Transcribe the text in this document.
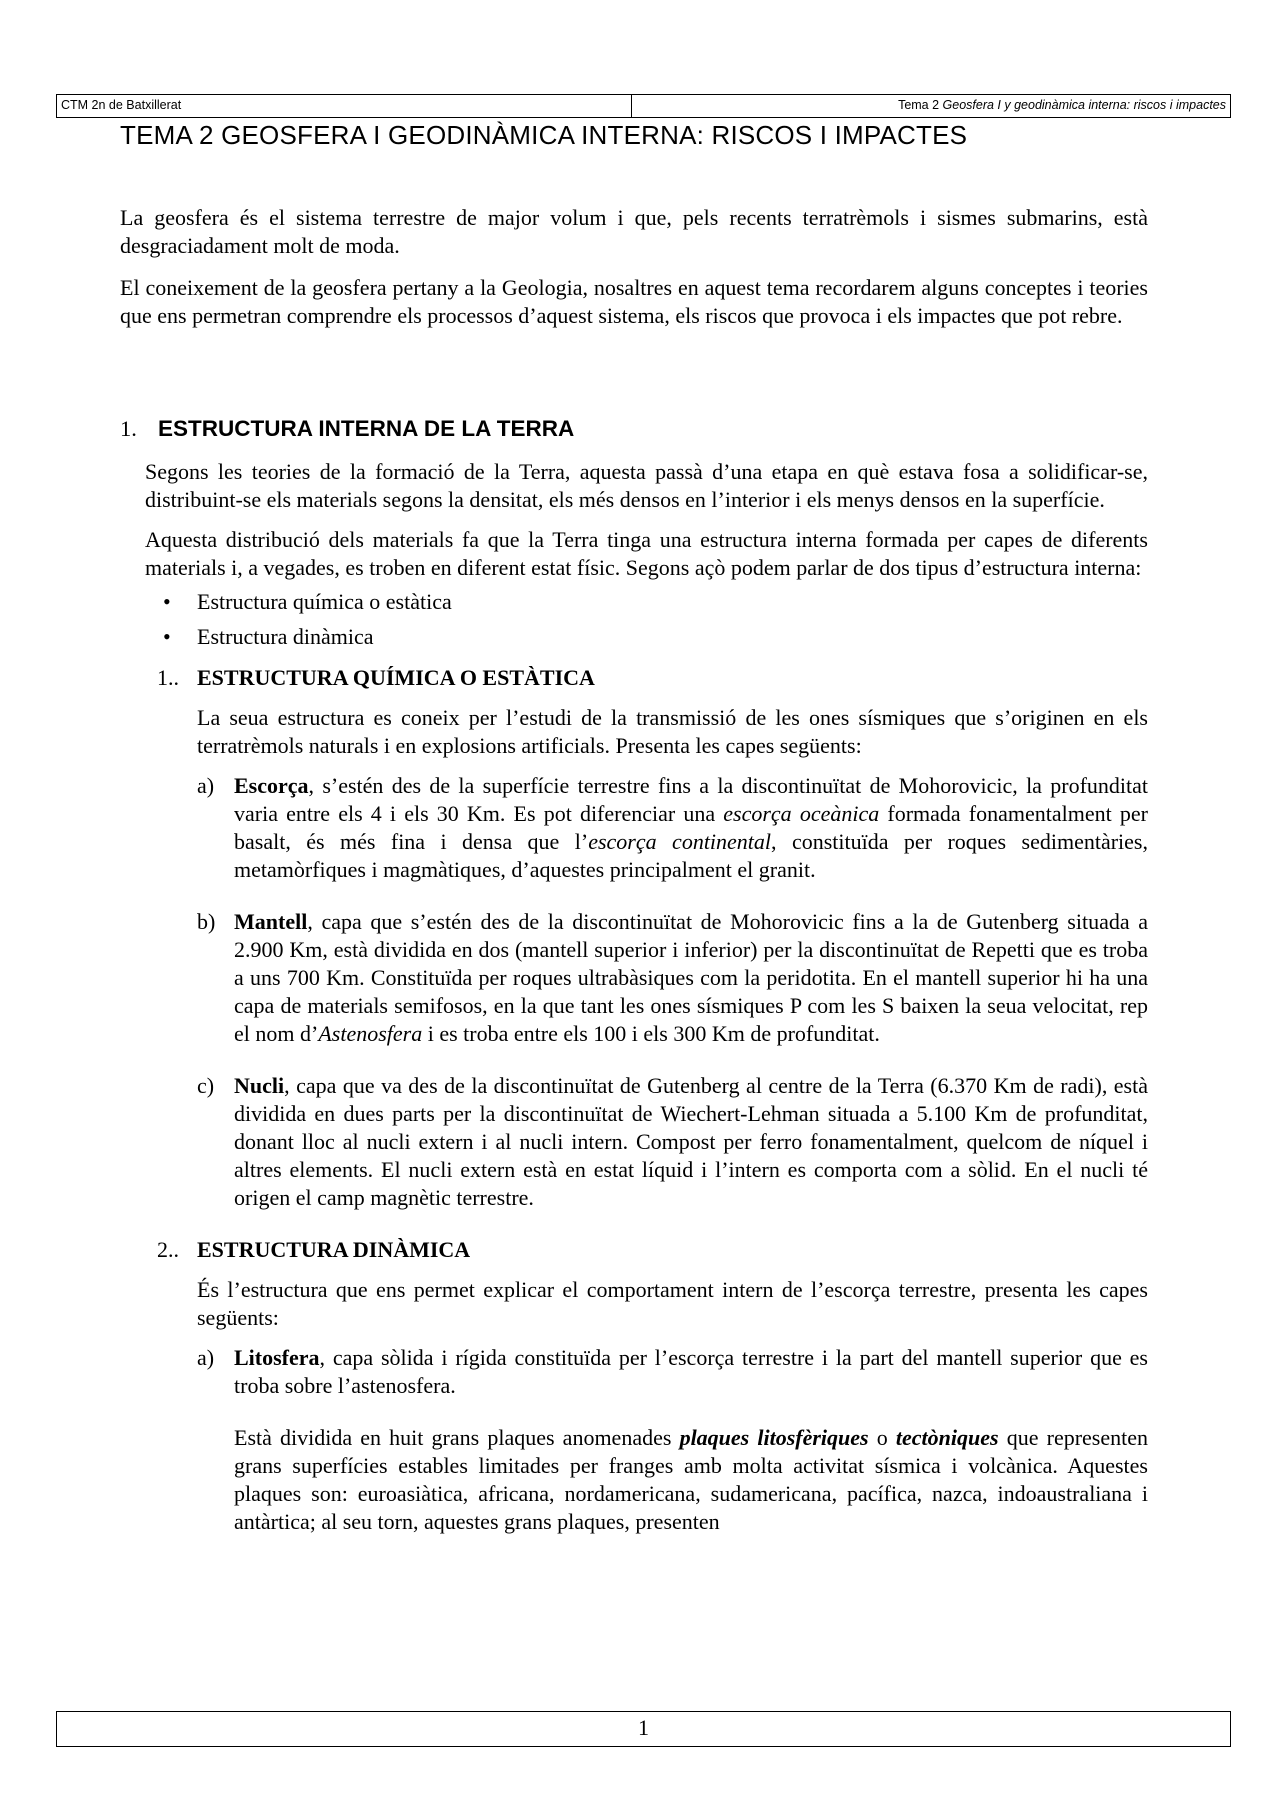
CTM 2n de Batxillerat	Tema 2 Geosfera I y geodinàmica interna: riscos i impactes
TEMA 2 GEOSFERA I GEODINÀMICA INTERNA: RISCOS I IMPACTES

La geosfera és el sistema terrestre de major volum i que, pels recents terratrèmols i sismes submarins, està desgraciadament molt de moda.

El coneixement de la geosfera pertany a la Geologia, nosaltres en aquest tema recordarem alguns conceptes i teories que ens permetran comprendre els processos d’aquest sistema, els riscos que provoca i els impactes que pot rebre.

1. ESTRUCTURA INTERNA DE LA TERRA

Segons les teories de la formació de la Terra, aquesta passà d’una etapa en què estava fosa a solidificar-se, distribuint-se els materials segons la densitat, els més densos en l’interior i els menys densos en la superfície.

Aquesta distribució dels materials fa que la Terra tinga una estructura interna formada per capes de diferents materials i, a vegades, es troben en diferent estat físic. Segons açò podem parlar de dos tipus d’estructura interna:

• Estructura química o estàtica
• Estructura dinàmica
1.. ESTRUCTURA QUÍMICA O ESTÀTICA

La seua estructura es coneix per l’estudi de la transmissió de les ones sísmiques que s’originen en els terratrèmols naturals i en explosions artificials. Presenta les capes següents:

a) Escorça, s’estén des de la superfície terrestre fins a la discontinuïtat de Mohorovicic, la profunditat varia entre els 4 i els 30 Km. Es pot diferenciar una escorça oceànica formada fonamentalment per basalt, és més fina i densa que l’escorça continental, constituïda per roques sedimentàries, metamòrfiques i magmàtiques, d’aquestes principalment el granit.

b) Mantell, capa que s’estén des de la discontinuïtat de Mohorovicic fins a la de Gutenberg situada a 2.900 Km, està dividida en dos (mantell superior i inferior) per la discontinuïtat de Repetti que es troba a uns 700 Km. Constituïda per roques ultrabàsiques com la peridotita. En el mantell superior hi ha una capa de materials semifosos, en la que tant les ones sísmiques P com les S baixen la seua velocitat, rep el nom d’Astenosfera i es troba entre els 100 i els 300 Km de profunditat.

c) Nucli, capa que va des de la discontinuïtat de Gutenberg al centre de la Terra (6.370 Km de radi), està dividida en dues parts per la discontinuïtat de Wiechert-Lehman situada a 5.100 Km de profunditat, donant lloc al nucli extern i al nucli intern. Compost per ferro fonamentalment, quelcom de níquel i altres elements. El nucli extern està en estat líquid i l’intern es comporta com a sòlid. En el nucli té origen el camp magnètic terrestre.

2.. ESTRUCTURA DINÀMICA

És l’estructura que ens permet explicar el comportament intern de l’escorça terrestre, presenta les capes següents:

a) Litosfera, capa sòlida i rígida constituïda per l’escorça terrestre i la part del mantell superior que es troba sobre l’astenosfera.

Està dividida en huit grans plaques anomenades plaques litosfèriques o tectòniques que representen grans superfícies estables limitades per franges amb molta activitat sísmica i volcànica. Aquestes plaques son: euroasiàtica, africana, nordamericana, sudamericana, pacífica, nazca, indoaustraliana i antàrtica; al seu torn, aquestes grans plaques, presenten

1
